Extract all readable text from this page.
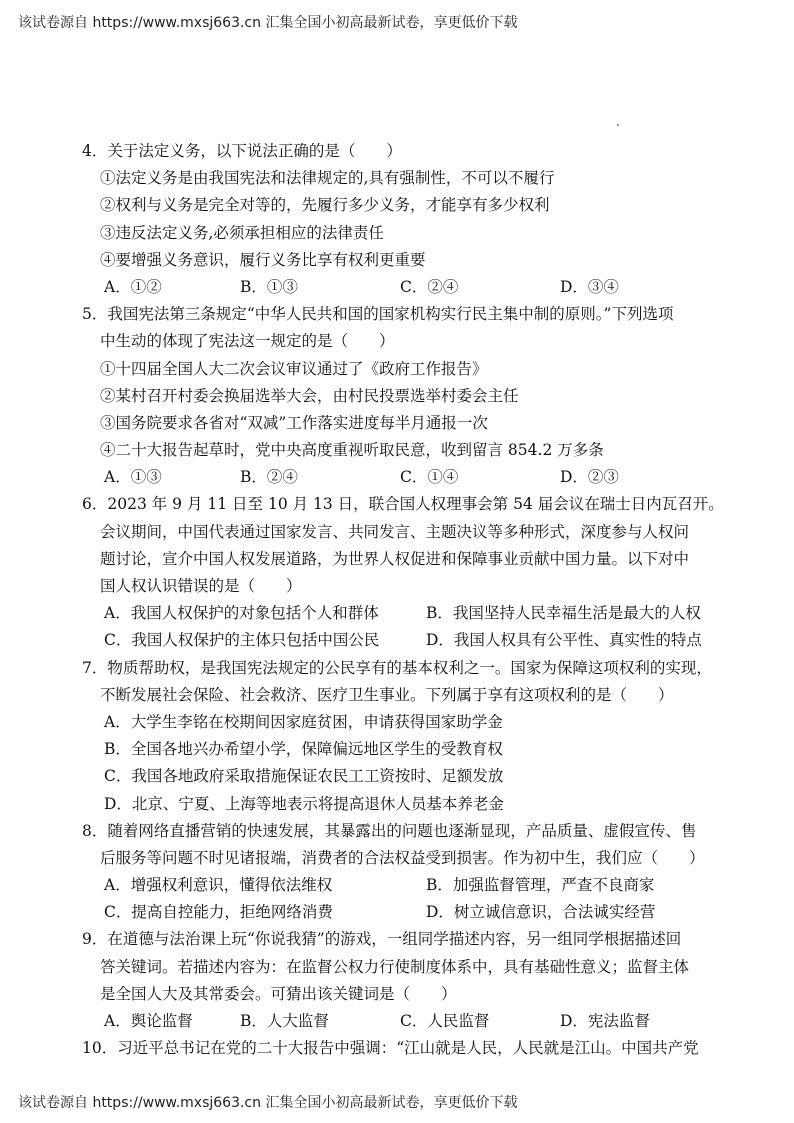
该试卷源自 https://www.mxsj663.cn 汇集全国小初高最新试卷，享更低价下载
4．关于法定义务，以下说法正确的是（　　）
①法定义务是由我国宪法和法律规定的,具有强制性，不可以不履行
②权利与义务是完全对等的，先履行多少义务，才能享有多少权利
③违反法定义务,必须承担相应的法律责任
④要增强义务意识，履行义务比享有权利更重要
A．①②	B．①③	C．②④	D．③④
5．我国宪法第三条规定“中华人民共和国的国家机构实行民主集中制的原则。”下列选项
中生动的体现了宪法这一规定的是（　　）
①十四届全国人大二次会议审议通过了《政府工作报告》
②某村召开村委会换届选举大会，由村民投票选举村委会主任
③国务院要求各省对“双减”工作落实进度每半月通报一次
④二十大报告起草时，党中央高度重视听取民意，收到留言 854.2 万多条
A．①③	B．②④	C．①④	D．②③
6．2023 年 9 月 11 日至 10 月 13 日，联合国人权理事会第 54 届会议在瑞士日内瓦召开。
会议期间，中国代表通过国家发言、共同发言、主题决议等多种形式，深度参与人权问
题讨论，宣介中国人权发展道路，为世界人权促进和保障事业贡献中国力量。以下对中
国人权认识错误的是（　　）
A．我国人权保护的对象包括个人和群体	B．我国坚持人民幸福生活是最大的人权
C．我国人权保护的主体只包括中国公民	D．我国人权具有公平性、真实性的特点
7．物质帮助权，是我国宪法规定的公民享有的基本权利之一。国家为保障这项权利的实现，
不断发展社会保险、社会救济、医疗卫生事业。下列属于享有这项权利的是（　　）
A．大学生李铭在校期间因家庭贫困，申请获得国家助学金
B．全国各地兴办希望小学，保障偏远地区学生的受教育权
C．我国各地政府采取措施保证农民工工资按时、足额发放
D．北京、宁夏、上海等地表示将提高退休人员基本养老金
8．随着网络直播营销的快速发展，其暴露出的问题也逐渐显现，产品质量、虚假宣传、售
后服务等问题不时见诸报端，消费者的合法权益受到损害。作为初中生，我们应（　　）
A．增强权利意识，懂得依法维权	B．加强监督管理，严查不良商家
C．提高自控能力，拒绝网络消费	D．树立诚信意识，合法诚实经营
9．在道德与法治课上玩“你说我猜”的游戏，一组同学描述内容，另一组同学根据描述回
答关键词。若描述内容为：在监督公权力行使制度体系中，具有基础性意义；监督主体
是全国人大及其常委会。可猜出该关键词是（　　）
A．舆论监督	B．人大监督	C．人民监督	D．宪法监督
10．习近平总书记在党的二十大报告中强调：“江山就是人民，人民就是江山。中国共产党
该试卷源自 https://www.mxsj663.cn 汇集全国小初高最新试卷，享更低价下载
